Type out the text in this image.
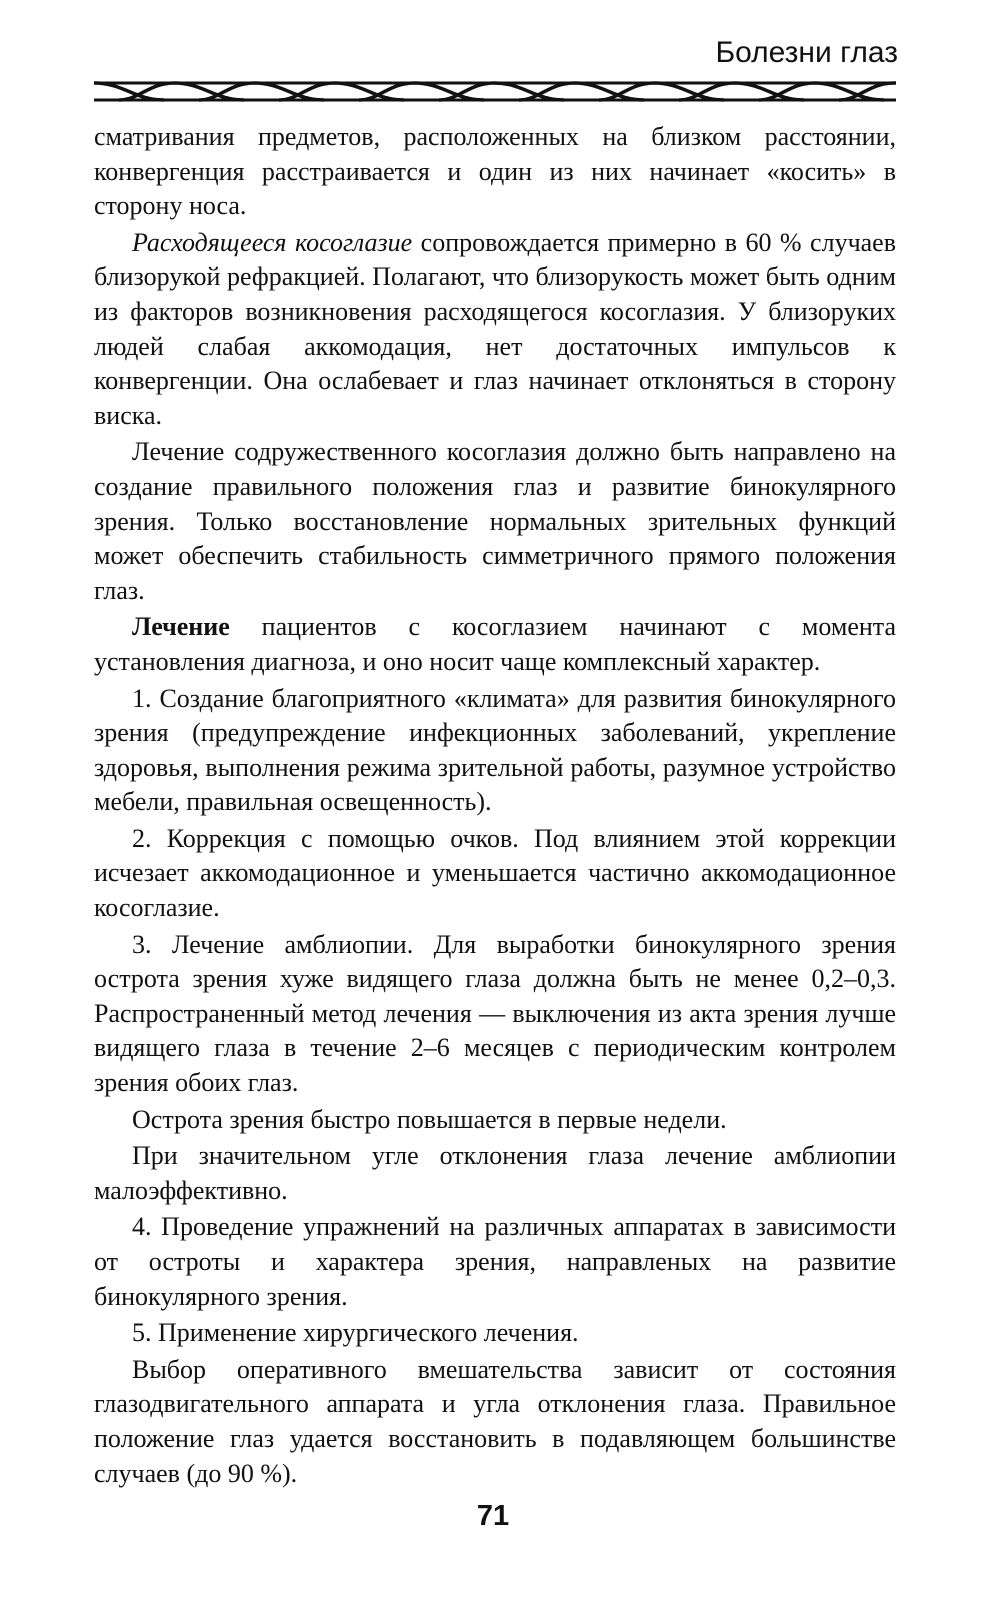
Болезни глаз

сматривания предметов, расположенных на близком расстоянии, конвергенция расстраивается и один из них начинает «косить» в сторону носа.

Расходящееся косоглазие сопровождается примерно в 60 % случаев близорукой рефракцией. Полагают, что близорукость может быть одним из факторов возникновения расходящегося косоглазия. У близоруких людей слабая аккомодация, нет достаточных импульсов к конвергенции. Она ослабевает и глаз начинает отклоняться в сторону виска.

Лечение содружественного косоглазия должно быть направлено на создание правильного положения глаз и развитие бинокулярного зрения. Только восстановление нормальных зрительных функций может обеспечить стабильность симметричного прямого положения глаз.

Лечение пациентов с косоглазием начинают с момента установления диагноза, и оно носит чаще комплексный характер.

1. Создание благоприятного «климата» для развития бинокулярного зрения (предупреждение инфекционных заболеваний, укрепление здоровья, выполнения режима зрительной работы, разумное устройство мебели, правильная освещенность).

2. Коррекция с помощью очков. Под влиянием этой коррекции исчезает аккомодационное и уменьшается частично аккомодационное косоглазие.

3. Лечение амблиопии. Для выработки бинокулярного зрения острота зрения хуже видящего глаза должна быть не менее 0,2–0,3. Распространенный метод лечения — выключения из акта зрения лучше видящего глаза в течение 2–6 месяцев с периодическим контролем зрения обоих глаз.

Острота зрения быстро повышается в первые недели.

При значительном угле отклонения глаза лечение амблиопии малоэффективно.

4. Проведение упражнений на различных аппаратах в зависимости от остроты и характера зрения, направленых на развитие бинокулярного зрения.

5. Применение хирургического лечения.

Выбор оперативного вмешательства зависит от состояния глазодвигательного аппарата и угла отклонения глаза. Правильное положение глаз удается восстановить в подавляющем большинстве случаев (до 90 %).

71
